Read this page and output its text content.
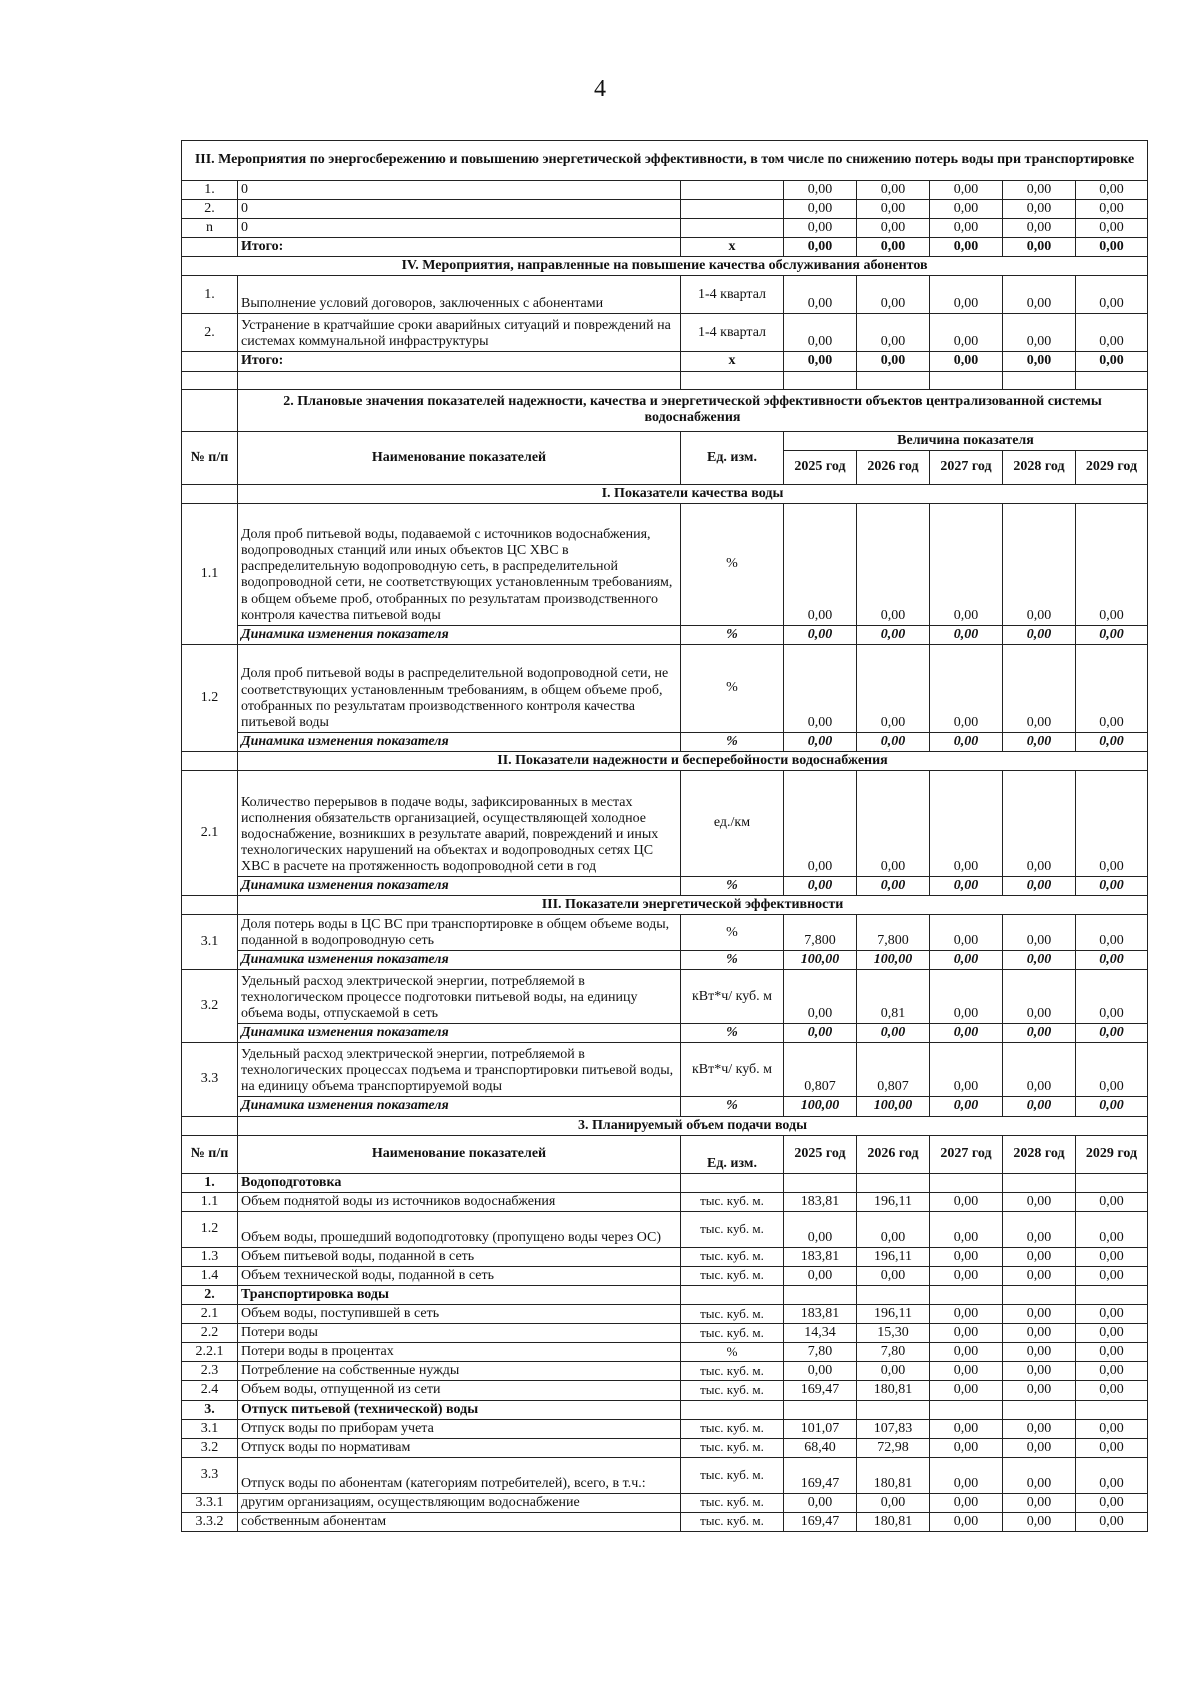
4
III. Мероприятия по энергосбережению и повышению энергетической эффективности, в том числе по снижению потерь воды при транспортировке							
1.	0		0,00	0,00	0,00	0,00	0,00
2.	0		0,00	0,00	0,00	0,00	0,00
n	0		0,00	0,00	0,00	0,00	0,00
	Итого:	x	0,00	0,00	0,00	0,00	0,00
IV. Мероприятия, направленные на повышение качества обслуживания абонентов							
1.	Выполнение условий договоров, заключенных с абонентами	1-4 квартал	0,00	0,00	0,00	0,00	0,00
2.	Устранение в кратчайшие сроки аварийных ситуаций и повреждений на системах коммунальной инфраструктуры	1-4 квартал	0,00	0,00	0,00	0,00	0,00
	Итого:	x	0,00	0,00	0,00	0,00	0,00

	2. Плановые значения показателей надежности, качества и энергетической эффективности объектов централизованной системы водоснабжения						
№ п/п	Наименование показателей	Ед. изм.	Величина показателя				
			2025 год	2026 год	2027 год	2028 год	2029 год
	I. Показатели качества воды						
1.1	Доля проб питьевой воды, подаваемой с источников водоснабжения, водопроводных станций или иных объектов ЦС ХВС в распределительную водопроводную сеть, в распределительной водопроводной сети, не соответствующих установленным требованиям, в общем объеме проб, отобранных по результатам производственного контроля качества питьевой воды	%	0,00	0,00	0,00	0,00	0,00
	Динамика изменения показателя	%	0,00	0,00	0,00	0,00	0,00
1.2	Доля проб питьевой воды в распределительной водопроводной сети, не соответствующих установленным требованиям, в общем объеме проб, отобранных по результатам производственного контроля качества питьевой воды	%	0,00	0,00	0,00	0,00	0,00
	Динамика изменения показателя	%	0,00	0,00	0,00	0,00	0,00
	II. Показатели надежности и бесперебойности водоснабжения						
2.1	Количество перерывов в подаче воды, зафиксированных в местах исполнения обязательств организацией, осуществляющей холодное водоснабжение, возникших в результате аварий, повреждений и иных технологических нарушений на объектах и водопроводных сетях ЦС ХВС в расчете на протяженность водопроводной сети в год	ед./км	0,00	0,00	0,00	0,00	0,00
	Динамика изменения показателя	%	0,00	0,00	0,00	0,00	0,00
	III. Показатели энергетической эффективности						
3.1	Доля потерь воды в ЦС ВС при транспортировке в общем объеме воды, поданной в водопроводную сеть	%	7,800	7,800	0,00	0,00	0,00
	Динамика изменения показателя	%	100,00	100,00	0,00	0,00	0,00
3.2	Удельный расход электрической энергии, потребляемой в технологическом процессе подготовки питьевой воды, на единицу объема воды, отпускаемой в сеть	кВт*ч/ куб. м	0,00	0,81	0,00	0,00	0,00
	Динамика изменения показателя	%	0,00	0,00	0,00	0,00	0,00
3.3	Удельный расход электрической энергии, потребляемой в технологических процессах подъема и транспортировки питьевой воды, на единицу объема транспортируемой воды	кВт*ч/ куб. м	0,807	0,807	0,00	0,00	0,00
	Динамика изменения показателя	%	100,00	100,00	0,00	0,00	0,00
	3. Планируемый объем подачи воды						
№ п/п	Наименование показателей	Ед. изм.	2025 год	2026 год	2027 год	2028 год	2029 год
1.	Водоподготовка						
1.1	Объем поднятой воды из источников водоснабжения	тыс. куб. м.	183,81	196,11	0,00	0,00	0,00
1.2	Объем воды, прошедший водоподготовку (пропущено воды через ОС)	тыс. куб. м.	0,00	0,00	0,00	0,00	0,00
1.3	Объем питьевой воды, поданной в сеть	тыс. куб. м.	183,81	196,11	0,00	0,00	0,00
1.4	Объем технической воды, поданной в сеть	тыс. куб. м.	0,00	0,00	0,00	0,00	0,00
2.	Транспортировка воды						
2.1	Объем воды, поступившей в сеть	тыс. куб. м.	183,81	196,11	0,00	0,00	0,00
2.2	Потери воды	тыс. куб. м.	14,34	15,30	0,00	0,00	0,00
2.2.1	Потери воды в процентах	%	7,80	7,80	0,00	0,00	0,00
2.3	Потребление на собственные нужды	тыс. куб. м.	0,00	0,00	0,00	0,00	0,00
2.4	Объем воды, отпущенной из сети	тыс. куб. м.	169,47	180,81	0,00	0,00	0,00
3.	Отпуск питьевой (технической) воды						
3.1	Отпуск воды по приборам учета	тыс. куб. м.	101,07	107,83	0,00	0,00	0,00
3.2	Отпуск воды по нормативам	тыс. куб. м.	68,40	72,98	0,00	0,00	0,00
3.3	Отпуск воды по абонентам (категориям потребителей), всего, в т.ч.:	тыс. куб. м.	169,47	180,81	0,00	0,00	0,00
3.3.1	другим организациям, осуществляющим водоснабжение	тыс. куб. м.	0,00	0,00	0,00	0,00	0,00
3.3.2	собственным абонентам	тыс. куб. м.	169,47	180,81	0,00	0,00	0,00
